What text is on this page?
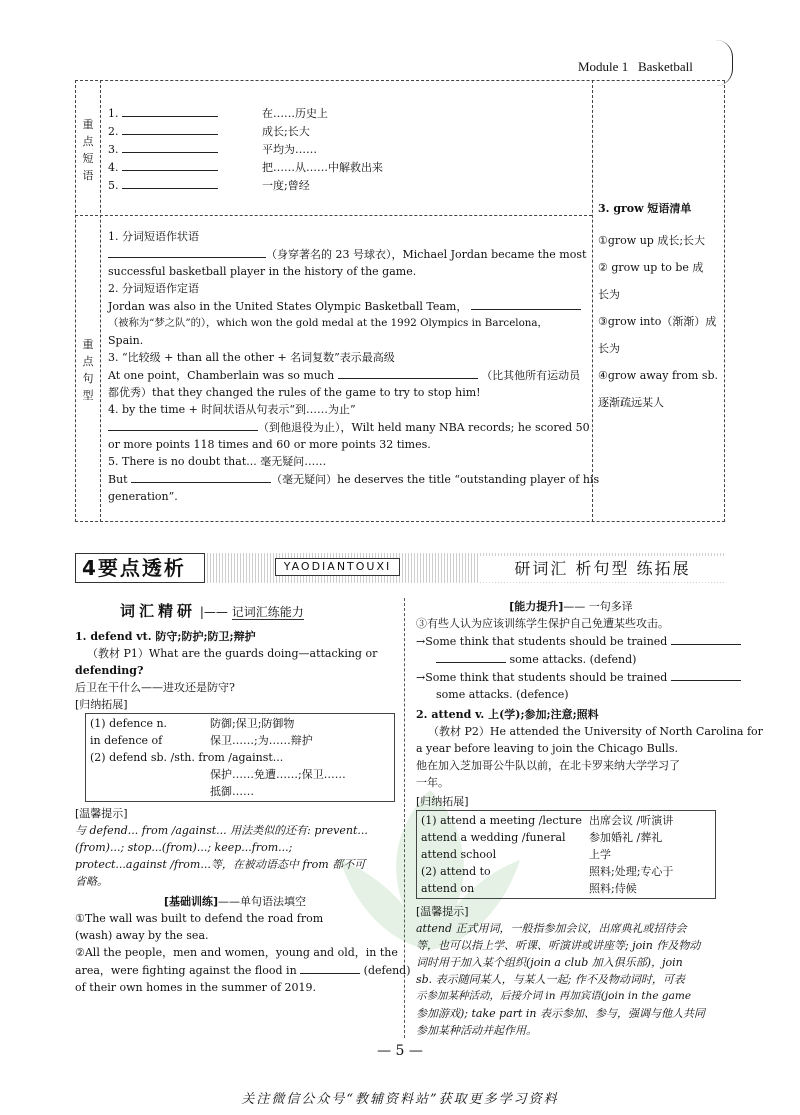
Module 1 Basketball
重点短语
1.	在……历史上
2.	成长;长大
3.	平均为……
4.	把……从……中解救出来
5.	一度;曾经
重点句型
1. 分词短语作状语
（身穿著名的 23 号球衣），Michael Jordan became the most
successful basketball player in the history of the game.
2. 分词短语作定语
Jordan was also in the United States Olympic Basketball Team，
（被称为“梦之队”的），which won the gold medal at the 1992 Olympics in Barcelona，
Spain.
3. “比较级 + than all the other + 名词复数”表示最高级
At one point，Chamberlain was so much	（比其他所有运动员
都优秀）that they changed the rules of the game to try to stop him!
4. by the time + 时间状语从句表示“到……为止”
（到他退役为止），Wilt held many NBA records; he scored 50
or more points 118 times and 60 or more points 32 times.
5. There is no doubt that... 毫无疑问……
But	（毫无疑问）he deserves the title “outstanding player of his
generation”.
3. grow 短语清单
①grow up 成长;长大
② grow up to be 成
长为
③grow into（渐渐）成
长为
④grow away from sb.
逐渐疏远某人
4要点透析	YAODIANTOUXI	研词汇 析句型 练拓展
词汇精研 |—— 记词汇练能力
1. defend vt. 防守;防护;防卫;辩护
（教材 P1）What are the guards doing—attacking or
defending?
后卫在干什么——进攻还是防守?
[归纳拓展]
(1) defence n.	防御;保卫;防御物
in defence of	保卫……;为……辩护
(2) defend sb. /sth. from /against...
保护……免遭……;保卫……
抵御……
[温馨提示]
与 defend... from /against... 用法类似的还有: prevent...
(from)...; stop...(from)...; keep...from...;
protect...against /from...等，在被动语态中 from 都不可
省略。
[基础训练]——单句语法填空
①The wall was built to defend the road from
(wash) away by the sea.
②All the people，men and women，young and old，in the
area，were fighting against the flood in	(defend)
of their own homes in the summer of 2019.
[能力提升]—— 一句多译
③有些人认为应该训练学生保护自己免遭某些攻击。
→Some think that students should be trained
some attacks. (defend)
→Some think that students should be trained
some attacks. (defence)
2. attend v. 上(学);参加;注意;照料
（教材 P2）He attended the University of North Carolina for
a year before leaving to join the Chicago Bulls.
他在加入芝加哥公牛队以前，在北卡罗来纳大学学习了
一年。
[归纳拓展]
(1) attend a meeting /lecture 出席会议 /听演讲
attend a wedding /funeral 参加婚礼 /葬礼
attend school	上学
(2) attend to	照料;处理;专心于
attend on	照料;侍候
[温馨提示]
attend 正式用词，一般指参加会议，出席典礼或招待会
等，也可以指上学、听课、听演讲或讲座等; join 作及物动
词时用于加入某个组织(join a club 加入俱乐部)，join
sb. 表示随同某人，与某人一起; 作不及物动词时，可表
示参加某种活动，后接介词 in 再加宾语(join in the game
参加游戏); take part in 表示参加、参与，强调与他人共同
参加某种活动并起作用。
— 5 —
关注微信公众号“教辅资料站”获取更多学习资料
